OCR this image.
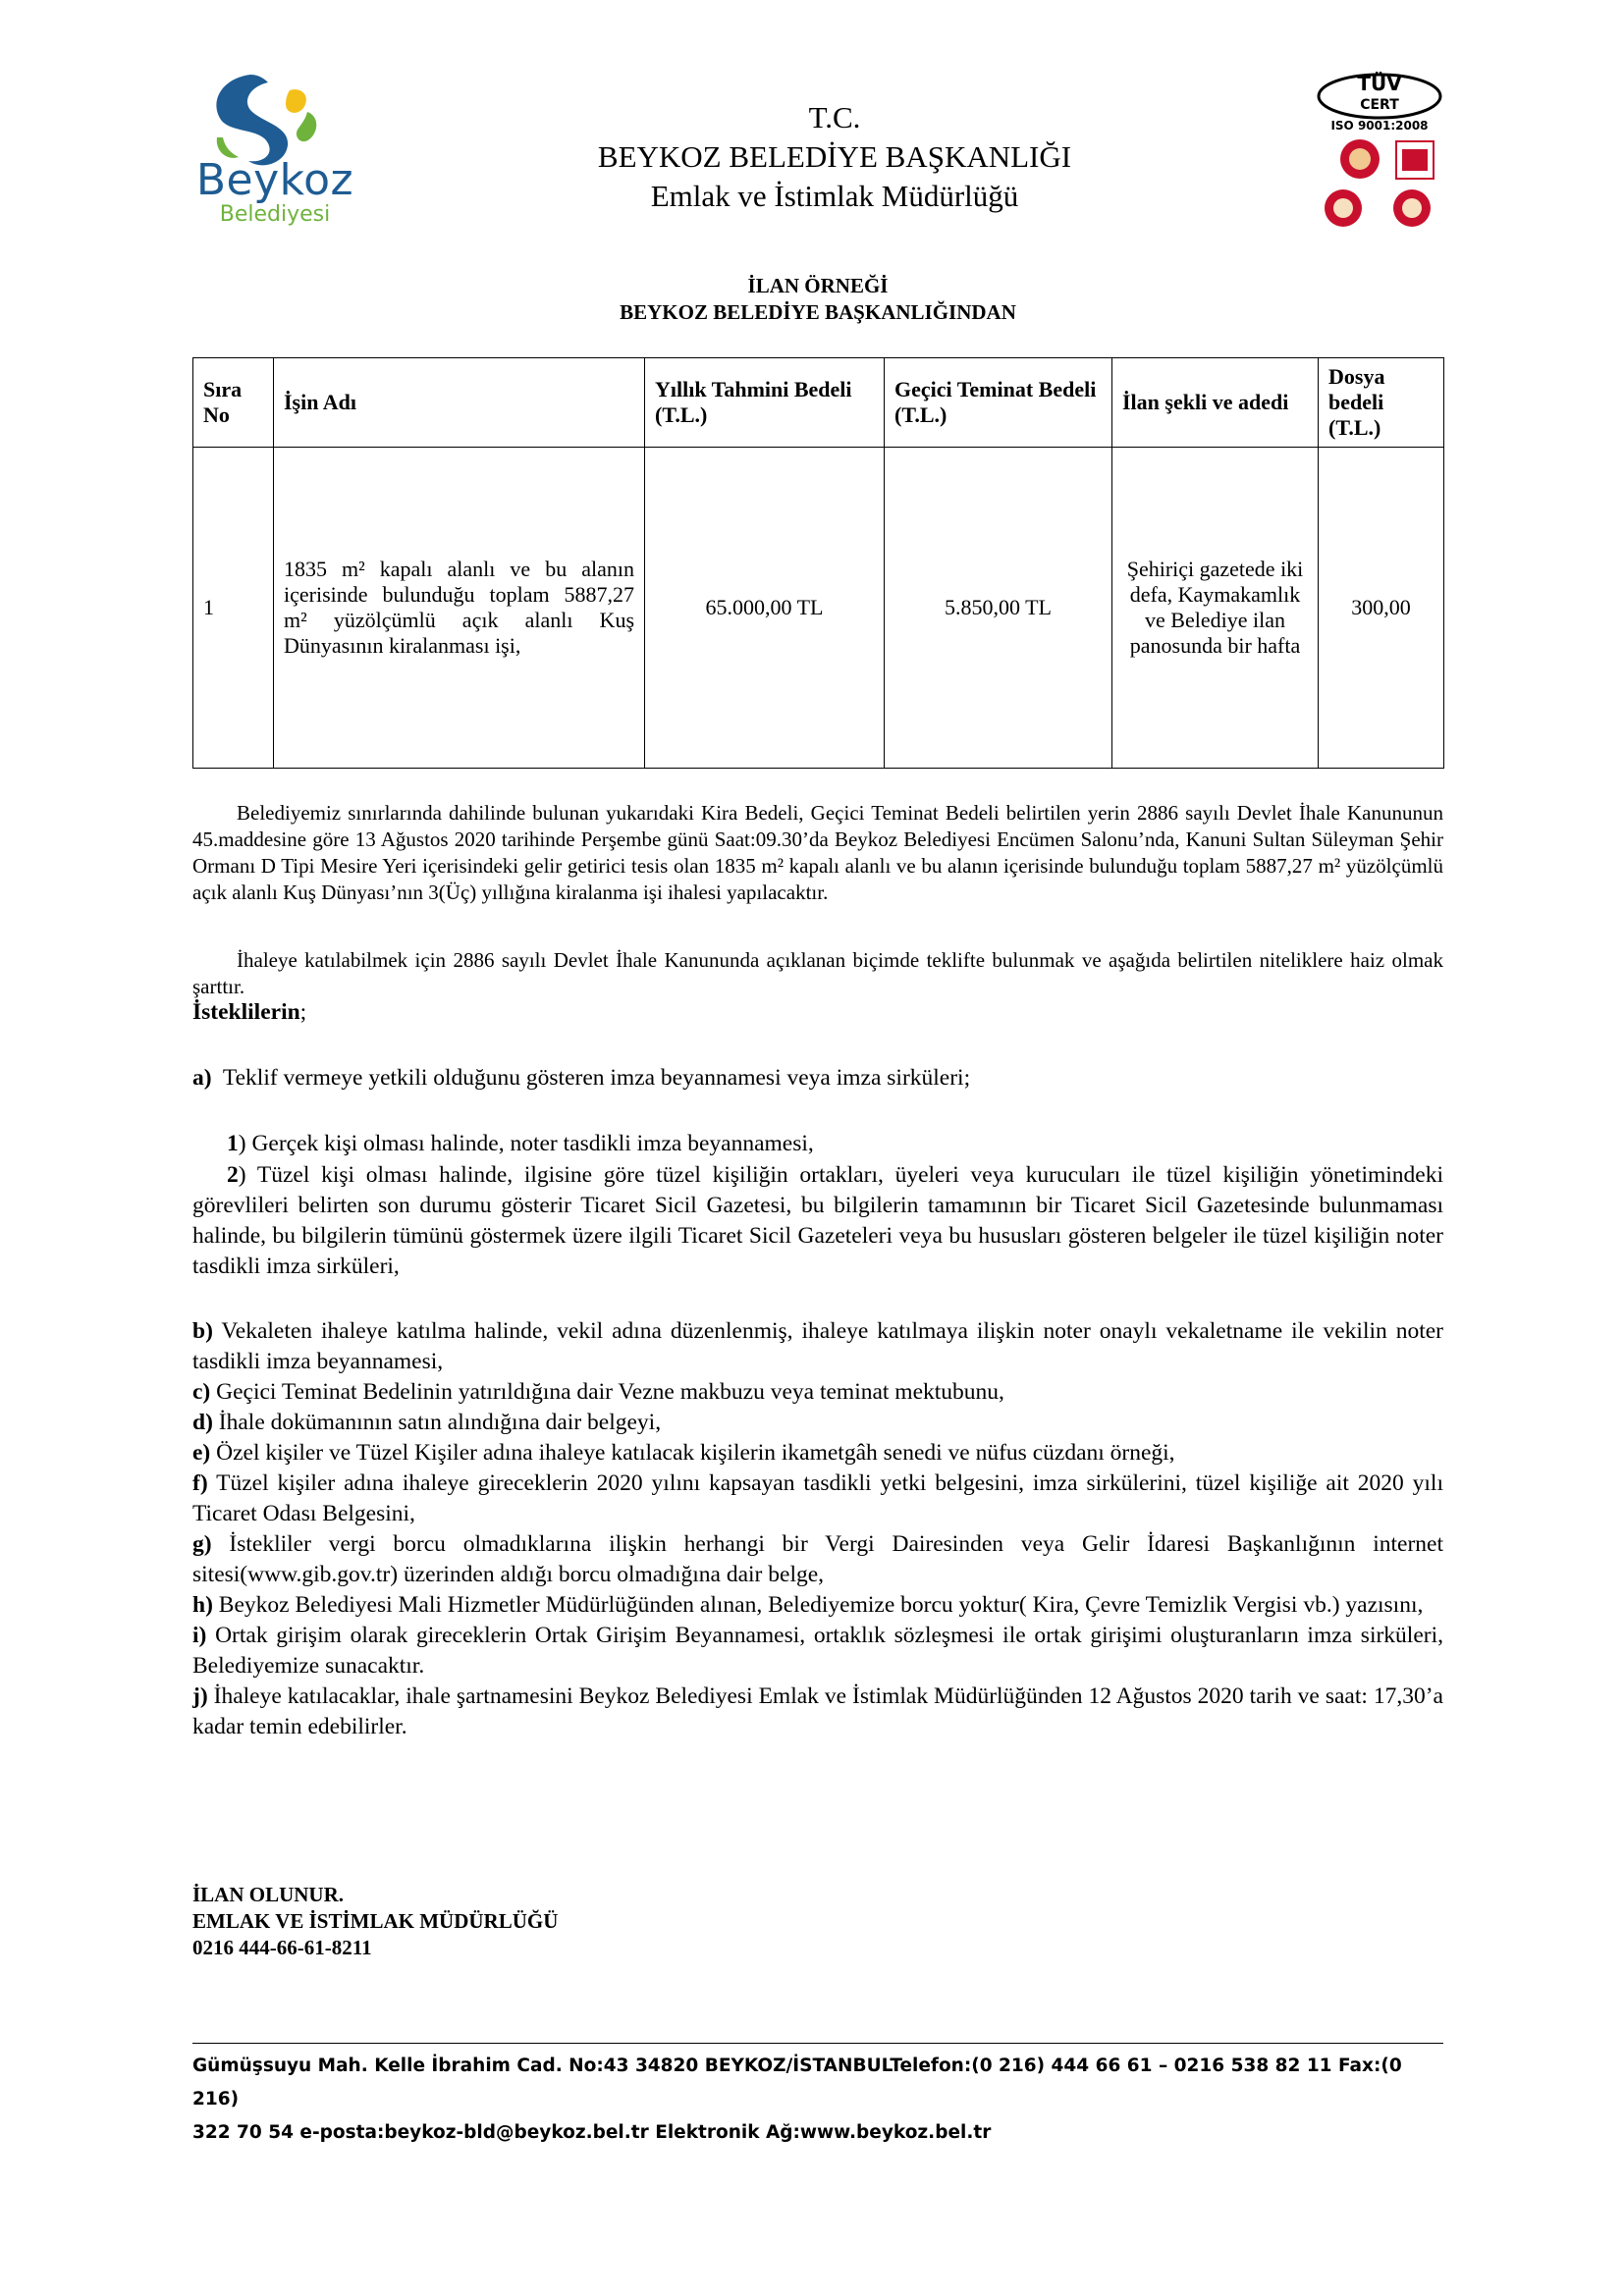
Beykoz
Belediyesi
T.C.
BEYKOZ BELEDİYE BAŞKANLIĞI
Emlak ve İstimlak Müdürlüğü
TÜV
CERT
ISO 9001:2008
İLAN ÖRNEĞİ
BEYKOZ BELEDİYE BAŞKANLIĞINDAN
Sıra No	İşin Adı	Yıllık Tahmini Bedeli (T.L.)	Geçici Teminat Bedeli (T.L.)	İlan şekli ve adedi	Dosya bedeli (T.L.)
1	1835 m² kapalı alanlı ve bu alanın içerisinde bulunduğu toplam 5887,27 m² yüzölçümlü açık alanlı Kuş Dünyasının kiralanması işi,	65.000,00 TL	5.850,00 TL	Şehiriçi gazetede iki defa, Kaymakamlık ve Belediye ilan panosunda bir hafta	300,00
Belediyemiz sınırlarında dahilinde bulunan yukarıdaki Kira Bedeli, Geçici Teminat Bedeli belirtilen yerin 2886 sayılı Devlet İhale Kanununun 45.maddesine göre 13 Ağustos 2020 tarihinde Perşembe günü Saat:09.30’da Beykoz Belediyesi Encümen Salonu’nda, Kanuni Sultan Süleyman Şehir Ormanı D Tipi Mesire Yeri içerisindeki gelir getirici tesis olan 1835 m² kapalı alanlı ve bu alanın içerisinde bulunduğu toplam 5887,27 m² yüzölçümlü açık alanlı Kuş Dünyası’nın 3(Üç) yıllığına kiralanma işi ihalesi yapılacaktır.
İhaleye katılabilmek için 2886 sayılı Devlet İhale Kanununda açıklanan biçimde teklifte bulunmak ve aşağıda belirtilen niteliklere haiz olmak şarttır.
İsteklilerin;
a) Teklif vermeye yetkili olduğunu gösteren imza beyannamesi veya imza sirküleri;
1) Gerçek kişi olması halinde, noter tasdikli imza beyannamesi,
2) Tüzel kişi olması halinde, ilgisine göre tüzel kişiliğin ortakları, üyeleri veya kurucuları ile tüzel kişiliğin yönetimindeki görevlileri belirten son durumu gösterir Ticaret Sicil Gazetesi, bu bilgilerin tamamının bir Ticaret Sicil Gazetesinde bulunmaması halinde, bu bilgilerin tümünü göstermek üzere ilgili Ticaret Sicil Gazeteleri veya bu hususları gösteren belgeler ile tüzel kişiliğin noter tasdikli imza sirküleri,
b) Vekaleten ihaleye katılma halinde, vekil adına düzenlenmiş, ihaleye katılmaya ilişkin noter onaylı vekaletname ile vekilin noter tasdikli imza beyannamesi,
c) Geçici Teminat Bedelinin yatırıldığına dair Vezne makbuzu veya teminat mektubunu,
d) İhale dokümanının satın alındığına dair belgeyi,
e) Özel kişiler ve Tüzel Kişiler adına ihaleye katılacak kişilerin ikametgâh senedi ve nüfus cüzdanı örneği,
f) Tüzel kişiler adına ihaleye gireceklerin 2020 yılını kapsayan tasdikli yetki belgesini, imza sirkülerini, tüzel kişiliğe ait 2020 yılı Ticaret Odası Belgesini,
g) İstekliler vergi borcu olmadıklarına ilişkin herhangi bir Vergi Dairesinden veya Gelir İdaresi Başkanlığının internet sitesi(www.gib.gov.tr) üzerinden aldığı borcu olmadığına dair belge,
h) Beykoz Belediyesi Mali Hizmetler Müdürlüğünden alınan, Belediyemize borcu yoktur( Kira, Çevre Temizlik Vergisi vb.) yazısını,
i) Ortak girişim olarak gireceklerin Ortak Girişim Beyannamesi, ortaklık sözleşmesi ile ortak girişimi oluşturanların imza sirküleri, Belediyemize sunacaktır.
j) İhaleye katılacaklar, ihale şartnamesini Beykoz Belediyesi Emlak ve İstimlak Müdürlüğünden 12 Ağustos 2020 tarih ve saat: 17,30’a kadar temin edebilirler.
İLAN OLUNUR.
EMLAK VE İSTİMLAK MÜDÜRLÜĞÜ
0216 444-66-61-8211
Gümüşsuyu Mah. Kelle İbrahim Cad. No:43 34820 BEYKOZ/İSTANBULTelefon:(0 216) 444 66 61 – 0216 538 82 11 Fax:(0 216)
322 70 54 e-posta:beykoz-bld@beykoz.bel.tr Elektronik Ağ:www.beykoz.bel.tr
